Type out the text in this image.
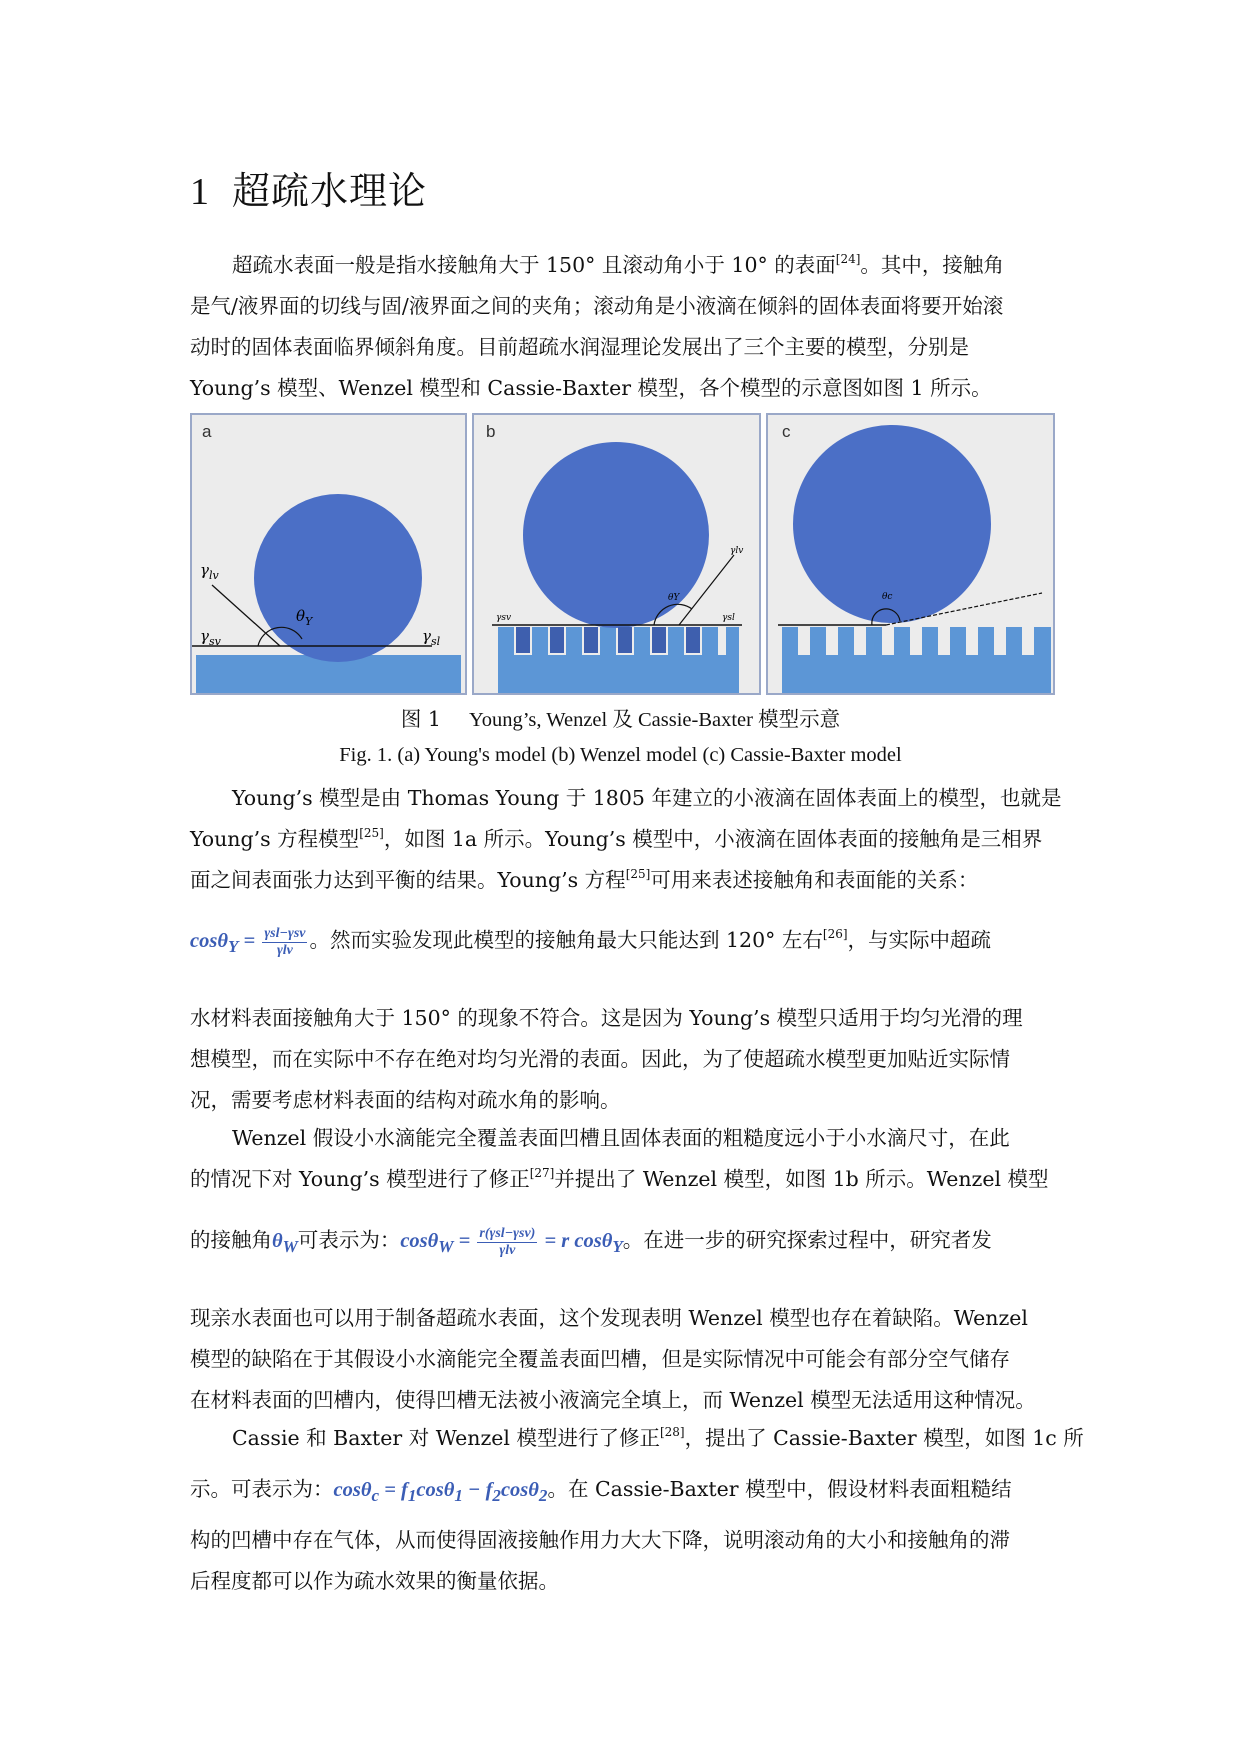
1 超疏水理论
超疏水表面一般是指水接触角大于 150° 且滚动角小于 10° 的表面[24]。其中，接触角
是气/液界面的切线与固/液界面之间的夹角；滚动角是小液滴在倾斜的固体表面将要开始滚
动时的固体表面临界倾斜角度。目前超疏水润湿理论发展出了三个主要的模型，分别是
Young’s 模型、Wenzel 模型和 Cassie-Baxter 模型，各个模型的示意图如图 1 所示。
a
$\gamma_{lv}$
$\gamma_{sv}$	$\gamma_{sl}$
$\theta_Y$
b
γlv
γsv	γsl
θY
c
θc
图 1 Young’s, Wenzel 及 Cassie-Baxter 模型示意
Fig. 1. (a) Young's model (b) Wenzel model (c) Cassie-Baxter model
Young’s 模型是由 Thomas Young 于 1805 年建立的小液滴在固体表面上的模型，也就是
Young’s 方程模型[25]，如图 1a 所示。Young’s 模型中，小液滴在固体表面的接触角是三相界
面之间表面张力达到平衡的结果。Young’s 方程[25]可用来表述接触角和表面能的关系：
$\cos\theta_Y = \frac{\text{γsl−γsv}}{\text{γlv}}$ 。然而实验发现此模型的接触角最大只能达到 120° 左右[26]，与实际中超疏
水材料表面接触角大于 150° 的现象不符合。这是因为 Young’s 模型只适用于均匀光滑的理
想模型，而在实际中不存在绝对均匀光滑的表面。因此，为了使超疏水模型更加贴近实际情
况，需要考虑材料表面的结构对疏水角的影响。
Wenzel 假设小水滴能完全覆盖表面凹槽且固体表面的粗糙度远小于小水滴尺寸，在此
的情况下对 Young’s 模型进行了修正[27]并提出了 Wenzel 模型，如图 1b 所示。Wenzel 模型
的接触角$\theta_W$可表示为：$\cos\theta_W = \frac{\text{r(γsl−γsv)}}{\text{γlv}} = r$ cosθ$_Y$。在进一步的研究探索过程中，研究者发
现亲水表面也可以用于制备超疏水表面，这个发现表明 Wenzel 模型也存在着缺陷。Wenzel
模型的缺陷在于其假设小水滴能完全覆盖表面凹槽，但是实际情况中可能会有部分空气储存
在材料表面的凹槽内，使得凹槽无法被小液滴完全填上，而 Wenzel 模型无法适用这种情况。
Cassie 和 Baxter 对 Wenzel 模型进行了修正[28]，提出了 Cassie-Baxter 模型，如图 1c 所
示。可表示为：$\cos\theta_c = f_1\cos\theta_1 - f_2\cos\theta_2$。在 Cassie-Baxter 模型中，假设材料表面粗糙结
构的凹槽中存在气体，从而使得固液接触作用力大大下降，说明滚动角的大小和接触角的滞
后程度都可以作为疏水效果的衡量依据。
